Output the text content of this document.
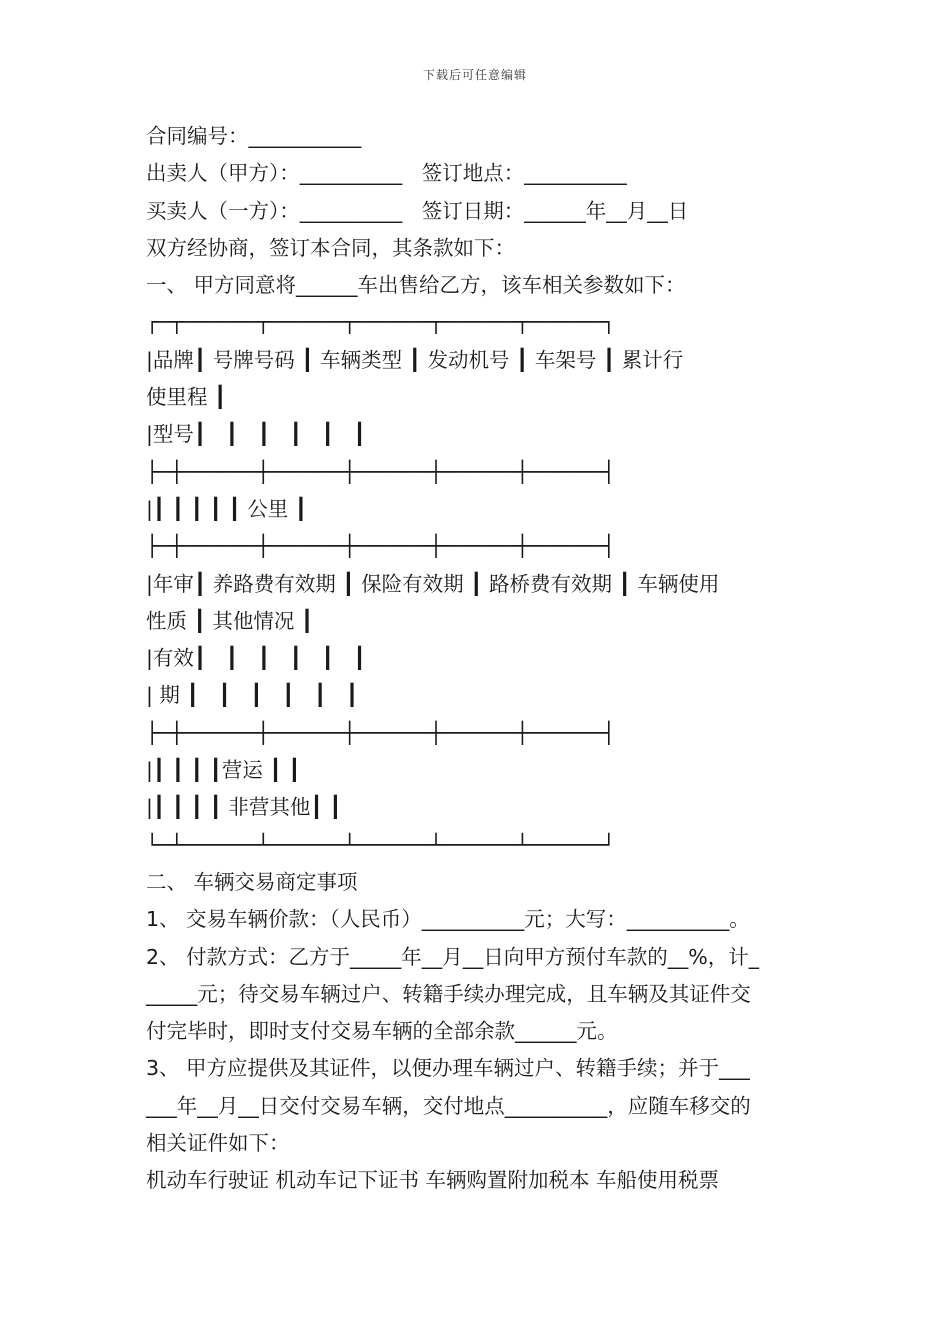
下载后可任意编辑
合同编号：___________
出卖人（甲方）：__________   签订地点：__________
买卖人（一方）：__________   签订日期：______年__月__日
双方经协商，签订本合同，其条款如下：
一、 甲方同意将______车出售给乙方，该车相关参数如下：
┌─┬──────┬──────┬──────┬──────┬──────┐
|品牌┃ 号牌号码 ┃ 车辆类型 ┃ 发动机号 ┃ 车架号 ┃ 累计行
使里程 ┃
|型号┃   ┃   ┃   ┃   ┃   ┃
├─┼──────┼──────┼──────┼──────┼──────┤
|┃ ┃ ┃ ┃ ┃ 公里 ┃
├─┼──────┼──────┼──────┼──────┼──────┤
|年审┃ 养路费有效期 ┃ 保险有效期 ┃ 路桥费有效期 ┃ 车辆使用
性质 ┃ 其他情况 ┃
|有效┃   ┃   ┃   ┃   ┃   ┃
| 期 ┃   ┃   ┃   ┃   ┃   ┃
├─┼──────┼──────┼──────┼──────┼──────┤
|┃ ┃ ┃ ┃营运 ┃ ┃
|┃ ┃ ┃ ┃ 非营其他┃ ┃
└─┴──────┴──────┴──────┴──────┴──────┘
二、 车辆交易商定事项
1、 交易车辆价款：（人民币）__________元；大写：__________。
2、 付款方式：乙方于_____年__月__日向甲方预付车款的__%，计_
_____元；待交易车辆过户、转籍手续办理完成，且车辆及其证件交
付完毕时，即时支付交易车辆的全部余款______元。
3、 甲方应提供及其证件，以便办理车辆过户、转籍手续；并于___
___年__月__日交付交易车辆，交付地点__________，应随车移交的
相关证件如下：
机动车行驶证 机动车记下证书 车辆购置附加税本 车船使用税票
